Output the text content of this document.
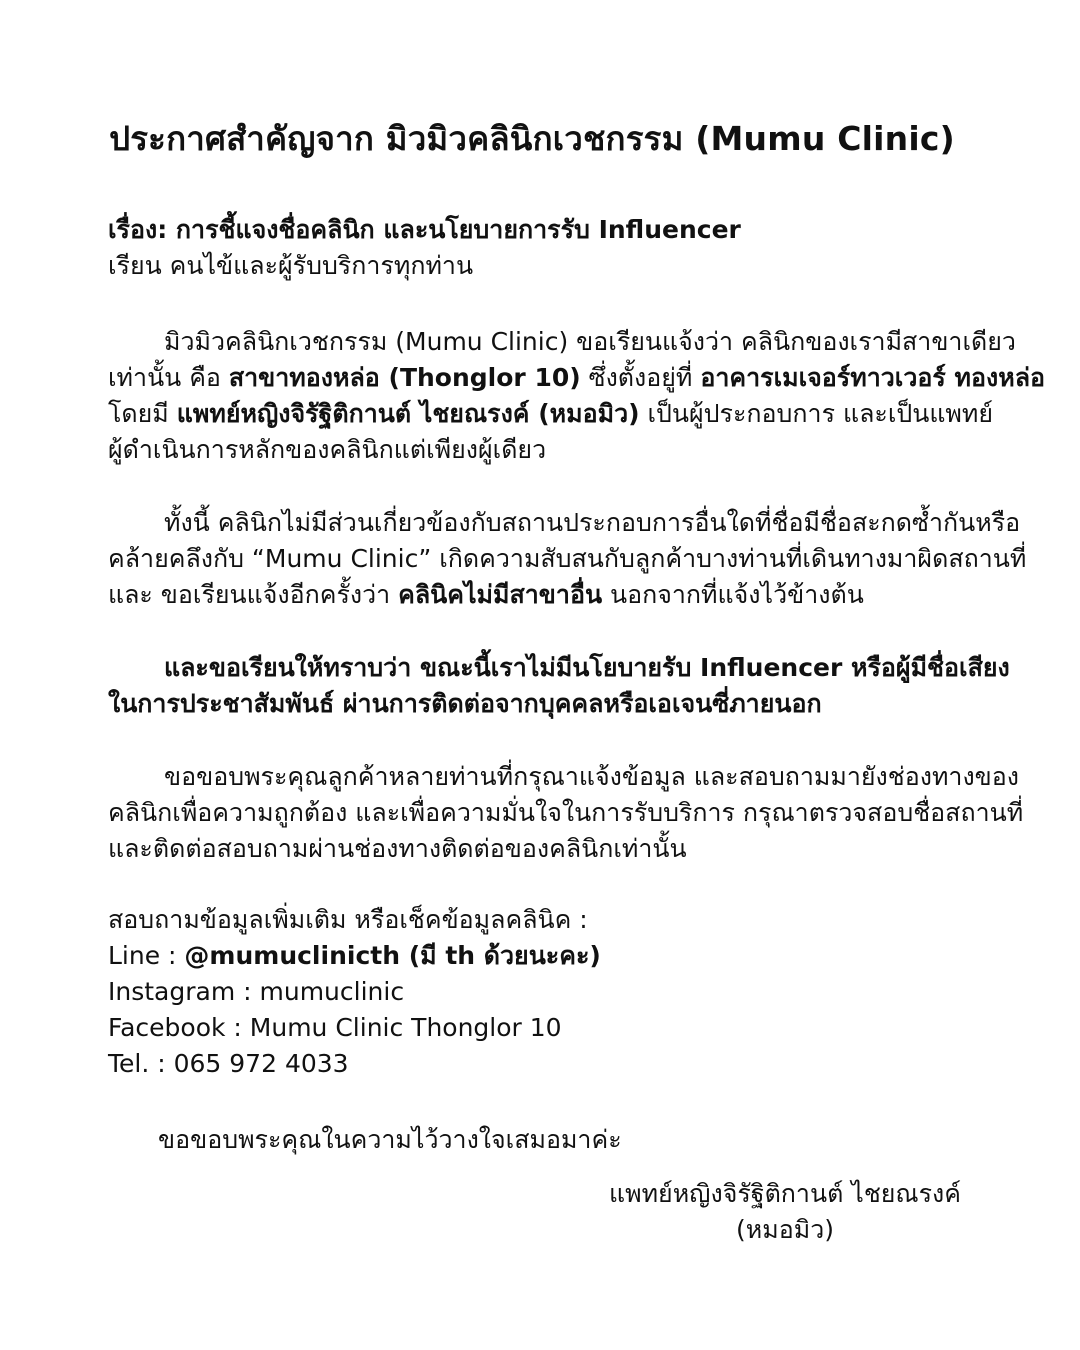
ประกาศสำคัญจาก มิวมิวคลินิกเวชกรรม (Mumu Clinic)
เรื่อง: การชี้แจงชื่อคลินิก และนโยบายการรับ Influencer
เรียน คนไข้และผู้รับบริการทุกท่าน
มิวมิวคลินิกเวชกรรม (Mumu Clinic) ขอเรียนแจ้งว่า คลินิกของเรามีสาขาเดียว
เท่านั้น คือ สาขาทองหล่อ (Thonglor 10) ซึ่งตั้งอยู่ที่ อาคารเมเจอร์ทาวเวอร์ ทองหล่อ
โดยมี แพทย์หญิงจิรัฐิติกานต์ ไชยณรงค์ (หมอมิว) เป็นผู้ประกอบการ และเป็นแพทย์
ผู้ดำเนินการหลักของคลินิกแต่เพียงผู้เดียว
ทั้งนี้ คลินิกไม่มีส่วนเกี่ยวข้องกับสถานประกอบการอื่นใดที่ชื่อมีชื่อสะกดซ้ำกันหรือ
คล้ายคลึงกับ “Mumu Clinic” เกิดความสับสนกับลูกค้าบางท่านที่เดินทางมาผิดสถานที่
และ ขอเรียนแจ้งอีกครั้งว่า คลินิคไม่มีสาขาอื่น นอกจากที่แจ้งไว้ข้างต้น
และขอเรียนให้ทราบว่า ขณะนี้เราไม่มีนโยบายรับ Influencer หรือผู้มีชื่อเสียง
ในการประชาสัมพันธ์ ผ่านการติดต่อจากบุคคลหรือเอเจนซี่ภายนอก
ขอขอบพระคุณลูกค้าหลายท่านที่กรุณาแจ้งข้อมูล และสอบถามมายังช่องทางของ
คลินิกเพื่อความถูกต้อง และเพื่อความมั่นใจในการรับบริการ กรุณาตรวจสอบชื่อสถานที่
และติดต่อสอบถามผ่านช่องทางติดต่อของคลินิกเท่านั้น
สอบถามข้อมูลเพิ่มเติม หรือเช็คข้อมูลคลินิค :
Line : @mumuclinicth (มี th ด้วยนะคะ)
Instagram : mumuclinic
Facebook : Mumu Clinic Thonglor 10
Tel. : 065 972 4033
ขอขอบพระคุณในความไว้วางใจเสมอมาค่ะ
แพทย์หญิงจิรัฐิติกานต์ ไชยณรงค์
(หมอมิว)
